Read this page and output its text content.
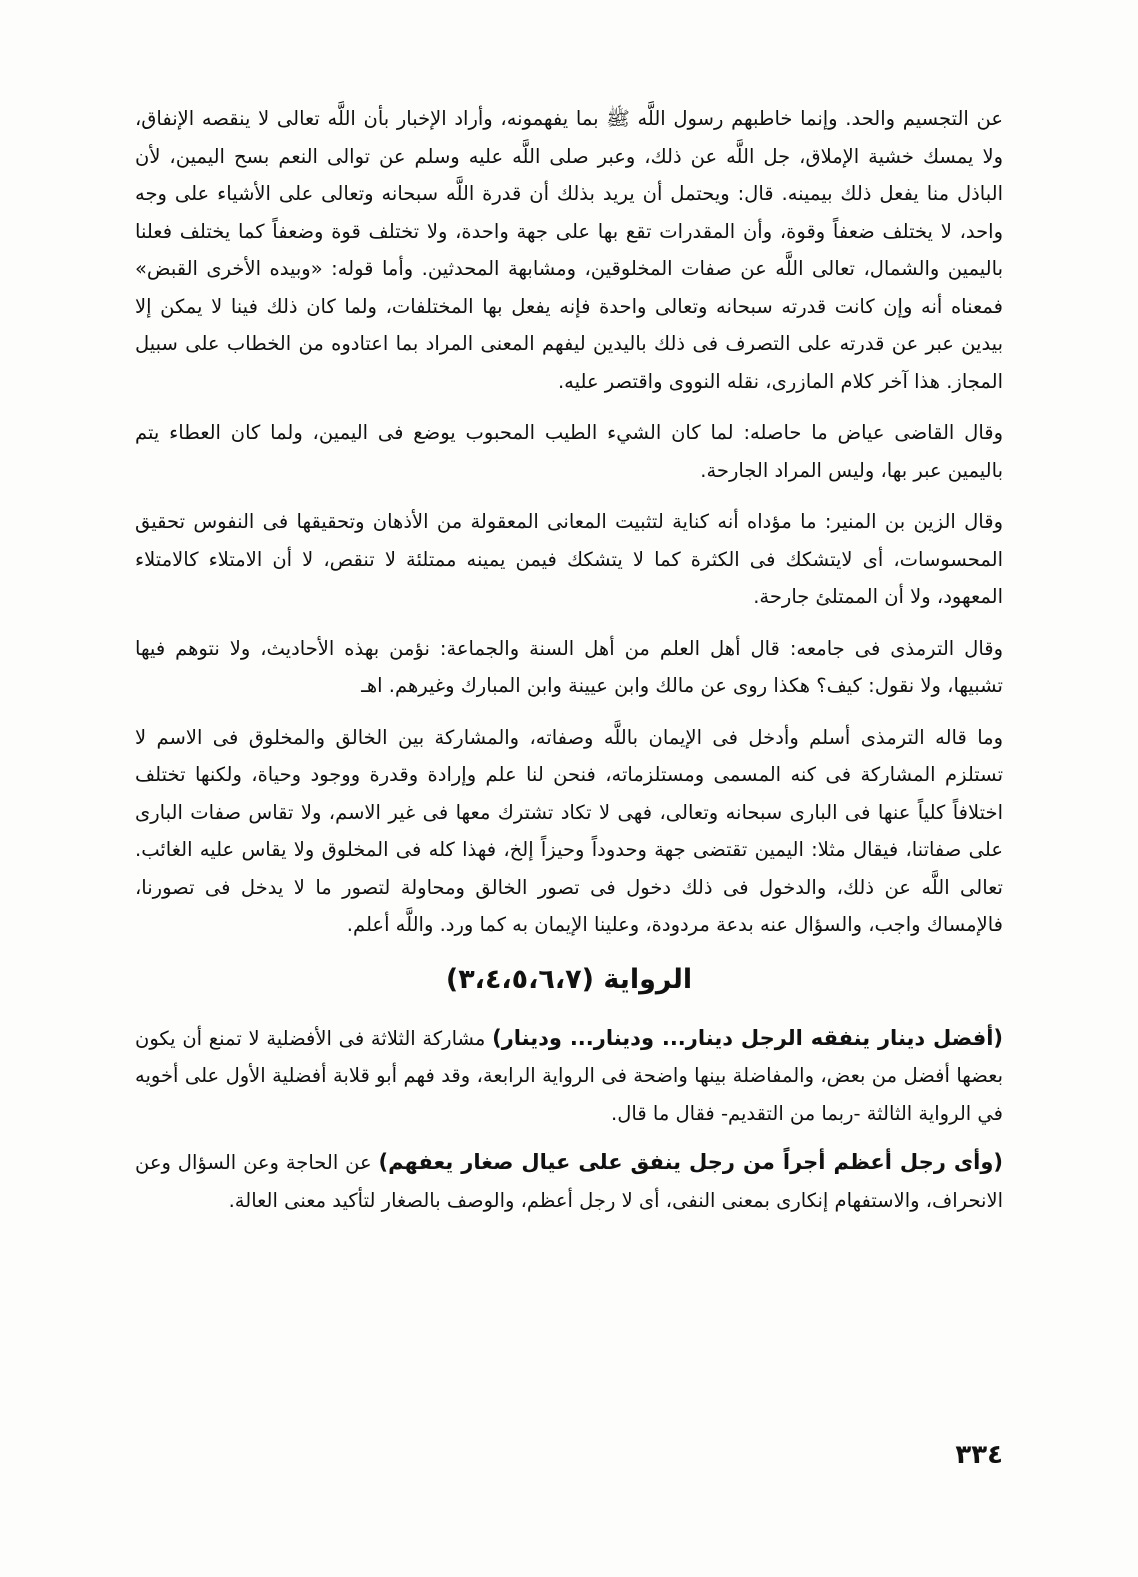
عن التجسيم والحد. وإنما خاطبهم رسول اللَّه ﷺ بما يفهمونه، وأراد الإخبار بأن اللَّه تعالى لا ينقصه الإنفاق، ولا يمسك خشية الإملاق، جل اللَّه عن ذلك، وعبر صلى اللَّه عليه وسلم عن توالى النعم بسح اليمين، لأن الباذل منا يفعل ذلك بيمينه. قال: ويحتمل أن يريد بذلك أن قدرة اللَّه سبحانه وتعالى على الأشياء على وجه واحد، لا يختلف ضعفاً وقوة، وأن المقدرات تقع بها على جهة واحدة، ولا تختلف قوة وضعفاً كما يختلف فعلنا باليمين والشمال، تعالى اللَّه عن صفات المخلوقين، ومشابهة المحدثين. وأما قوله: «وبيده الأخرى القبض» فمعناه أنه وإن كانت قدرته سبحانه وتعالى واحدة فإنه يفعل بها المختلفات، ولما كان ذلك فينا لا يمكن إلا بيدين عبر عن قدرته على التصرف فى ذلك باليدين ليفهم المعنى المراد بما اعتادوه من الخطاب على سبيل المجاز. هذا آخر كلام المازرى، نقله النووى واقتصر عليه.

وقال القاضى عياض ما حاصله: لما كان الشيء الطيب المحبوب يوضع فى اليمين، ولما كان العطاء يتم باليمين عبر بها، وليس المراد الجارحة.

وقال الزين بن المنير: ما مؤداه أنه كناية لتثبيت المعانى المعقولة من الأذهان وتحقيقها فى النفوس تحقيق المحسوسات، أى لايتشكك فى الكثرة كما لا يتشكك فيمن يمينه ممتلئة لا تنقص، لا أن الامتلاء كالامتلاء المعهود، ولا أن الممتلئ جارحة.

وقال الترمذى فى جامعه: قال أهل العلم من أهل السنة والجماعة: نؤمن بهذه الأحاديث، ولا نتوهم فيها تشبيها، ولا نقول: كيف؟ هكذا روى عن مالك وابن عيينة وابن المبارك وغيرهم. اهـ

وما قاله الترمذى أسلم وأدخل فى الإيمان باللَّه وصفاته، والمشاركة بين الخالق والمخلوق فى الاسم لا تستلزم المشاركة فى كنه المسمى ومستلزماته، فنحن لنا علم وإرادة وقدرة ووجود وحياة، ولكنها تختلف اختلافاً كلياً عنها فى البارى سبحانه وتعالى، فهى لا تكاد تشترك معها فى غير الاسم، ولا تقاس صفات البارى على صفاتنا، فيقال مثلا: اليمين تقتضى جهة وحدوداً وحيزاً إلخ، فهذا كله فى المخلوق ولا يقاس عليه الغائب. تعالى اللَّه عن ذلك، والدخول فى ذلك دخول فى تصور الخالق ومحاولة لتصور ما لا يدخل فى تصورنا، فالإمساك واجب، والسؤال عنه بدعة مردودة، وعلينا الإيمان به كما ورد. واللَّه أعلم.

الرواية (٣،٤،٥،٦،٧)

(أفضل دينار ينفقه الرجل دينار... ودينار... ودينار) مشاركة الثلاثة فى الأفضلية لا تمنع أن يكون بعضها أفضل من بعض، والمفاضلة بينها واضحة فى الرواية الرابعة، وقد فهم أبو قلابة أفضلية الأول على أخويه في الرواية الثالثة -ربما من التقديم- فقال ما قال.

(وأى رجل أعظم أجراً من رجل ينفق على عيال صغار يعفهم) عن الحاجة وعن السؤال وعن الانحراف، والاستفهام إنكارى بمعنى النفى، أى لا رجل أعظم، والوصف بالصغار لتأكيد معنى العالة.

٣٣٤
